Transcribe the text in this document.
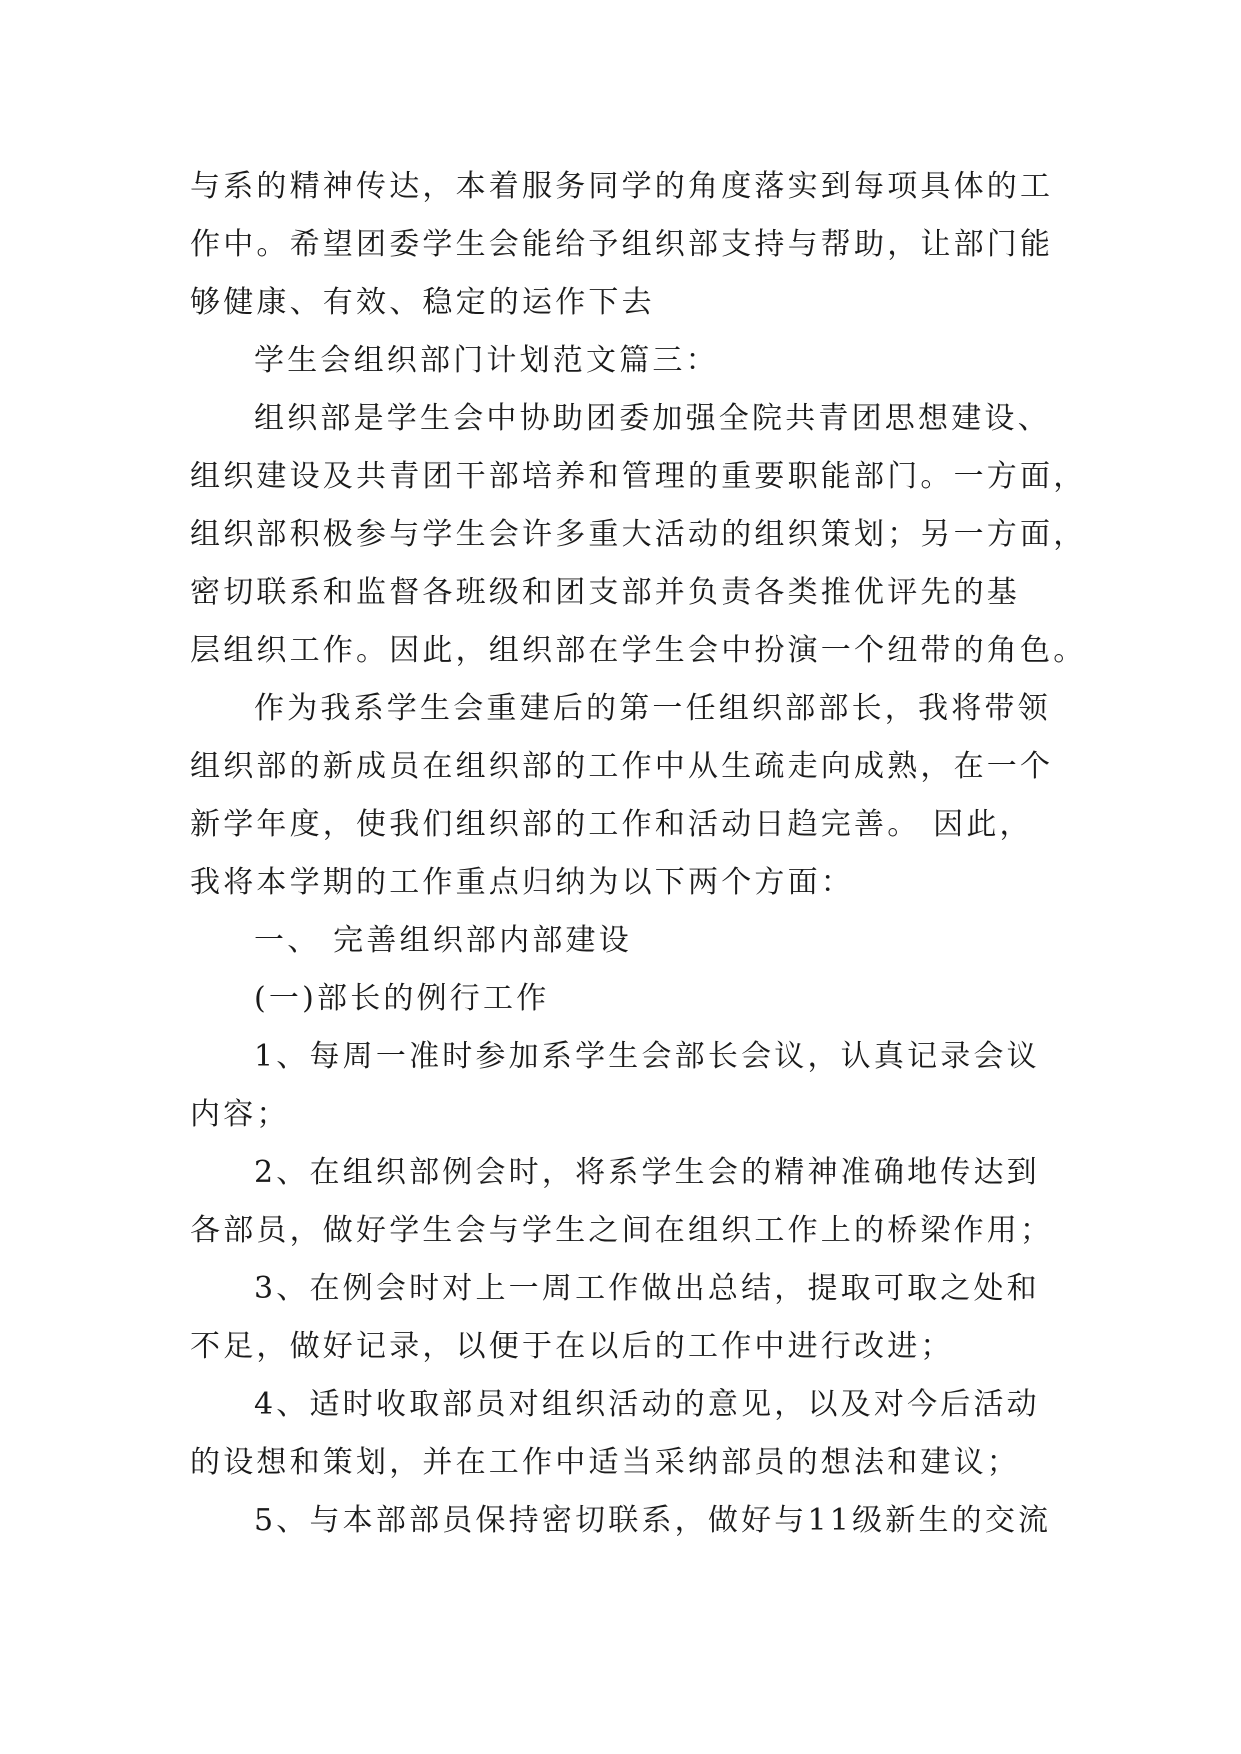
与系的精神传达，本着服务同学的角度落实到每项具体的工
作中。希望团委学生会能给予组织部支持与帮助，让部门能
够健康、有效、稳定的运作下去
学生会组织部门计划范文篇三：
组织部是学生会中协助团委加强全院共青团思想建设、
组织建设及共青团干部培养和管理的重要职能部门。一方面，
组织部积极参与学生会许多重大活动的组织策划；另一方面，
密切联系和监督各班级和团支部并负责各类推优评先的基
层组织工作。因此，组织部在学生会中扮演一个纽带的角色。
作为我系学生会重建后的第一任组织部部长，我将带领
组织部的新成员在组织部的工作中从生疏走向成熟，在一个
新学年度，使我们组织部的工作和活动日趋完善。 因此，
我将本学期的工作重点归纳为以下两个方面：
一、 完善组织部内部建设
(一)部长的例行工作
1、每周一准时参加系学生会部长会议，认真记录会议
内容；
2、在组织部例会时，将系学生会的精神准确地传达到
各部员，做好学生会与学生之间在组织工作上的桥梁作用；
3、在例会时对上一周工作做出总结，提取可取之处和
不足，做好记录，以便于在以后的工作中进行改进；
4、适时收取部员对组织活动的意见，以及对今后活动
的设想和策划，并在工作中适当采纳部员的想法和建议；
5、与本部部员保持密切联系，做好与11级新生的交流
